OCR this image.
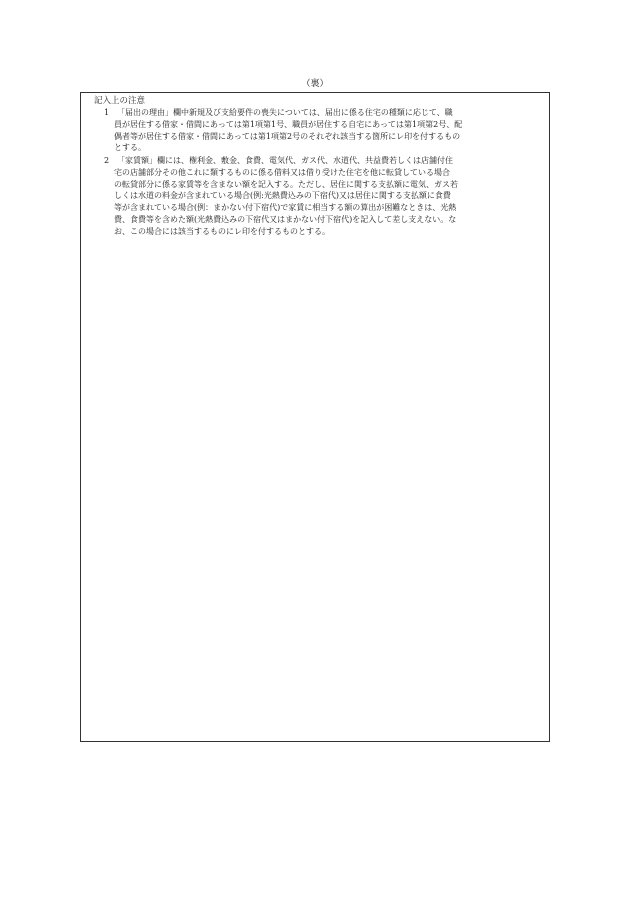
（裏）
記入上の注意
1 「届出の理由」欄中新規及び支給要件の喪失については、届出に係る住宅の種類に応じて、職
員が居住する借家・借間にあっては第1項第1号、職員が居住する自宅にあっては第1項第2号、配
偶者等が居住する借家・借間にあっては第1項第2号のそれぞれ該当する箇所にレ印を付するもの
とする。
2 「家賃額」欄には、権利金、敷金、食費、電気代、ガス代、水道代、共益費若しくは店舗付住
宅の店舗部分その他これに類するものに係る借料又は借り受けた住宅を他に転貸している場合
の転貸部分に係る家賃等を含まない額を記入する。ただし、居住に関する支払額に電気、ガス若
しくは水道の料金が含まれている場合(例:光熱費込みの下宿代)又は居住に関する支払額に食費
等が含まれている場合(例：まかない付下宿代)で家賃に相当する額の算出が困難なときは、光熱
費、食費等を含めた額(光熱費込みの下宿代又はまかない付下宿代)を記入して差し支えない。な
お、この場合には該当するものにレ印を付するものとする。
